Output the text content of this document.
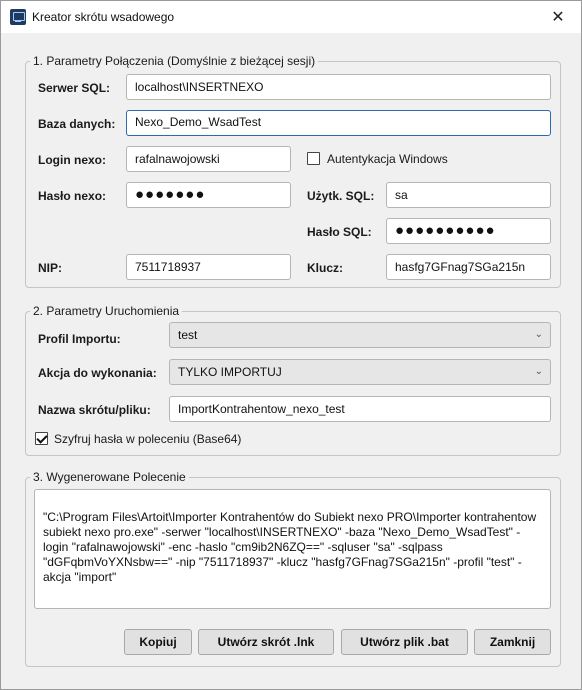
Kreator skrótu wsadowego	✕
1. Parametry Połączenia (Domyślnie z bieżącej sesji)
Serwer SQL:	localhost\INSERTNEXO
Baza danych:	Nexo_Demo_WsadTest
Login nexo:	rafalnawojowski	Autentykacja Windows
Hasło nexo:	●●●●●●●	Użytk. SQL:	sa
Hasło SQL:	●●●●●●●●●●
NIP:	7511718937	Klucz:	hasfg7GFnag7SGa215n
2. Parametry Uruchomienia
Profil Importu:	test	⌄
Akcja do wykonania:	TYLKO IMPORTUJ	⌄
Nazwa skrótu/pliku:	ImportKontrahentow_nexo_test
Szyfruj hasła w poleceniu (Base64)
3. Wygenerowane Polecenie
"C:\Program Files\Artoit\Importer Kontrahentów do Subiekt nexo PRO\Importer kontrahentow subiekt nexo pro.exe" -serwer "localhost\INSERTNEXO" -baza "Nexo_Demo_WsadTest" -login "rafalnawojowski" -enc -haslo "cm9ib2N6ZQ==" -sqluser "sa" -sqlpass "dGFqbmVoYXNsbw==" -nip "7511718937" -klucz "hasfg7GFnag7SGa215n" -profil "test" -akcja "import"
Kopiuj	Utwórz skrót .lnk	Utwórz plik .bat	Zamknij
